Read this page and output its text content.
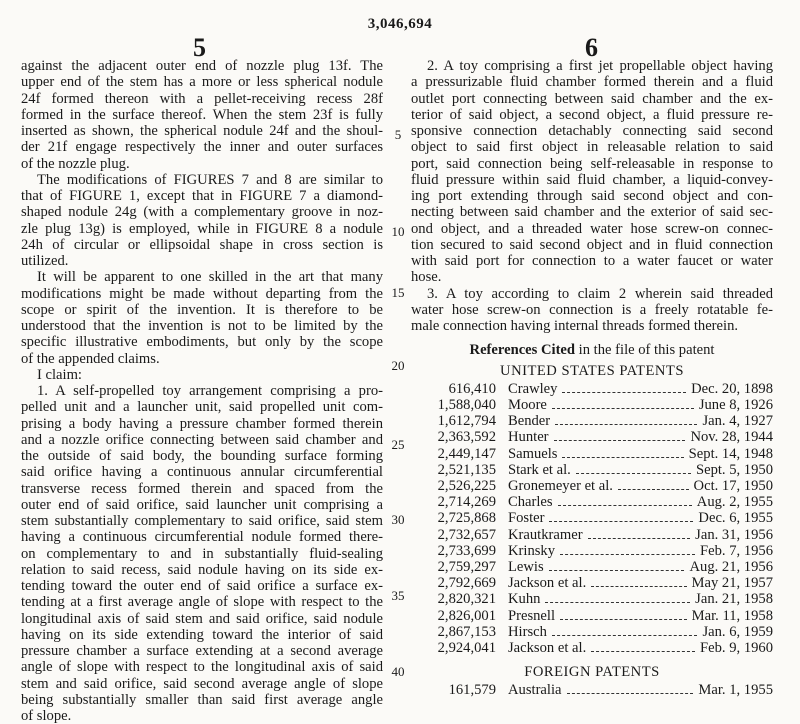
3,046,694
5	6
against the adjacent outer end of nozzle plug 13f. The
upper end of the stem has a more or less spherical nodule
24f formed thereon with a pellet-receiving recess 28f
formed in the surface thereof. When the stem 23f is fully
inserted as shown, the spherical nodule 24f and the shoul-
der 21f engage respectively the inner and outer surfaces
of the nozzle plug.
The modifications of FIGURES 7 and 8 are similar to
that of FIGURE 1, except that in FIGURE 7 a diamond-
shaped nodule 24g (with a complementary groove in noz-
zle plug 13g) is employed, while in FIGURE 8 a nodule
24h of circular or ellipsoidal shape in cross section is
utilized.
It will be apparent to one skilled in the art that many
modifications might be made without departing from the
scope or spirit of the invention. It is therefore to be
understood that the invention is not to be limited by the
specific illustrative embodiments, but only by the scope
of the appended claims.
I claim:
1. A self-propelled toy arrangement comprising a pro-
pelled unit and a launcher unit, said propelled unit com-
prising a body having a pressure chamber formed therein
and a nozzle orifice connecting between said chamber and
the outside of said body, the bounding surface forming
said orifice having a continuous annular circumferential
transverse recess formed therein and spaced from the
outer end of said orifice, said launcher unit comprising a
stem substantially complementary to said orifice, said stem
having a continuous circumferential nodule formed there-
on complementary to and in substantially fluid-sealing
relation to said recess, said nodule having on its side ex-
tending toward the outer end of said orifice a surface ex-
tending at a first average angle of slope with respect to the
longitudinal axis of said stem and said orifice, said nodule
having on its side extending toward the interior of said
pressure chamber a surface extending at a second average
angle of slope with respect to the longitudinal axis of said
stem and said orifice, said second average angle of slope
being substantially smaller than said first average angle
of slope.
5
10
15
20
25
30
35
40
2. A toy comprising a first jet propellable object having
a pressurizable fluid chamber formed therein and a fluid
outlet port connecting between said chamber and the ex-
terior of said object, a second object, a fluid pressure re-
sponsive connection detachably connecting said second
object to said first object in releasable relation to said
port, said connection being self-releasable in response to
fluid pressure within said fluid chamber, a liquid-convey-
ing port extending through said second object and con-
necting between said chamber and the exterior of said sec-
ond object, and a threaded water hose screw-on connec-
tion secured to said second object and in fluid connection
with said port for connection to a water faucet or water
hose.
3. A toy according to claim 2 wherein said threaded
water hose screw-on connection is a freely rotatable fe-
male connection having internal threads formed therein.
References Cited in the file of this patent
UNITED STATES PATENTS
616,410	Crawley Dec. 20, 1898

1,588,040	Moore June 8, 1926

1,612,794	Bender Jan. 4, 1927

2,363,592	Hunter Nov. 28, 1944

2,449,147	Samuels Sept. 14, 1948

2,521,135	Stark et al. Sept. 5, 1950

2,526,225	Gronemeyer et al. Oct. 17, 1950

2,714,269	Charles Aug. 2, 1955

2,725,868	Foster Dec. 6, 1955

2,732,657	Krautkramer Jan. 31, 1956

2,733,699	Krinsky Feb. 7, 1956

2,759,297	Lewis Aug. 21, 1956

2,792,669	Jackson et al. May 21, 1957

2,820,321	Kuhn Jan. 21, 1958

2,826,001	Presnell Mar. 11, 1958

2,867,153	Hirsch Jan. 6, 1959

2,924,041	Jackson et al. Feb. 9, 1960
FOREIGN PATENTS
161,579	Australia	Mar. 1, 1955
